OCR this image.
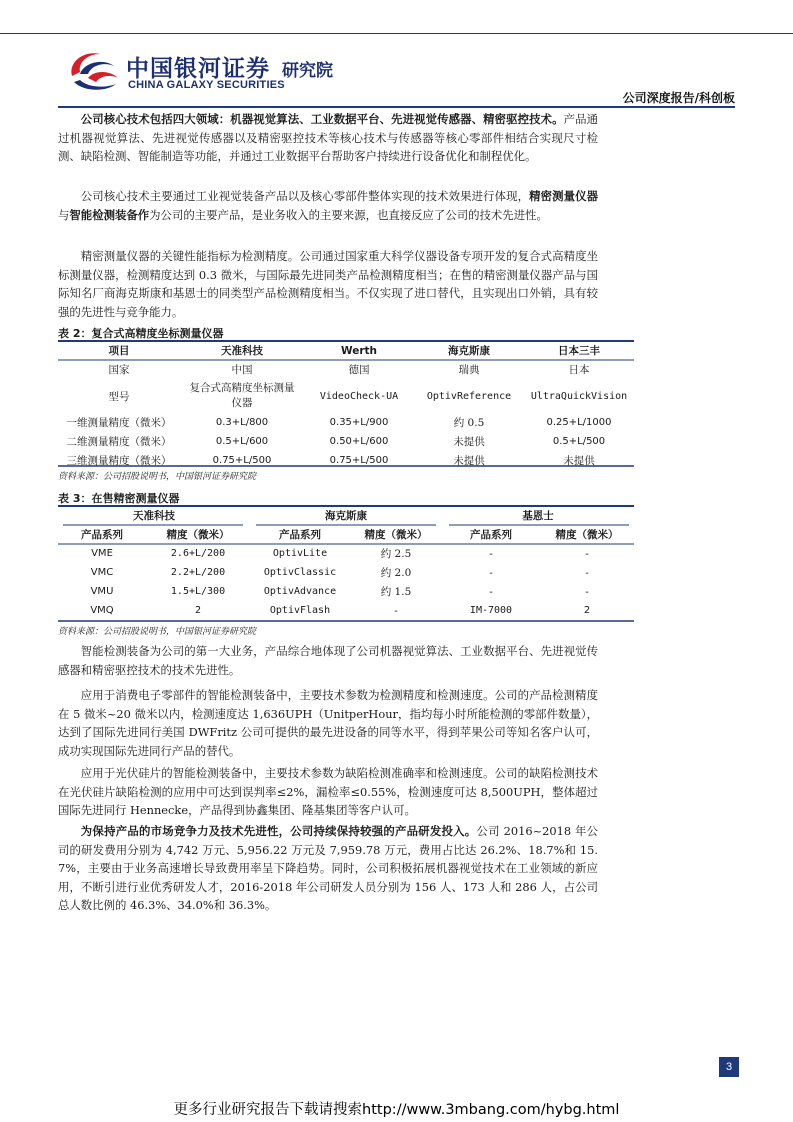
中国银河证券 研究院
CHINA GALAXY SECURITIES
公司深度报告/科创板
公司核心技术包括四大领域：机器视觉算法、工业数据平台、先进视觉传感器、精密驱控技术。产品通过机器视觉算法、先进视觉传感器以及精密驱控技术等核心技术与传感器等核心零部件相结合实现尺寸检测、缺陷检测、智能制造等功能，并通过工业数据平台帮助客户持续进行设备优化和制程优化。
公司核心技术主要通过工业视觉装备产品以及核心零部件整体实现的技术效果进行体现，精密测量仪器与智能检测装备作为公司的主要产品，是业务收入的主要来源，也直接反应了公司的技术先进性。
精密测量仪器的关键性能指标为检测精度。公司通过国家重大科学仪器设备专项开发的复合式高精度坐标测量仪器，检测精度达到 0.3 微米，与国际最先进同类产品检测精度相当；在售的精密测量仪器产品与国际知名厂商海克斯康和基恩士的同类型产品检测精度相当。不仅实现了进口替代，且实现出口外销，具有较强的先进性与竞争能力。
表 2：复合式高精度坐标测量仪器
项目	天准科技	Werth	海克斯康	日本三丰
国家	中国	德国	瑞典	日本
型号	复合式高精度坐标测量仪器	VideoCheck-UA	OptivReference	UltraQuickVision
一维测量精度（微米）	0.3+L/800	0.35+L/900	约 0.5	0.25+L/1000
二维测量精度（微米）	0.5+L/600	0.50+L/600	未提供	0.5+L/500
三维测量精度（微米）	0.75+L/500	0.75+L/500	未提供	未提供
资料来源：公司招股说明书，中国银河证券研究院
表 3：在售精密测量仪器
天准科技		海克斯康		基恩士	
产品系列	精度（微米）	产品系列	精度（微米）	产品系列	精度（微米）
VME	2.6+L/200	OptivLite	约 2.5	-	-
VMC	2.2+L/200	OptivClassic	约 2.0	-	-
VMU	1.5+L/300	OptivAdvance	约 1.5	-	-
VMQ	2	OptivFlash	-	IM-7000	2
资料来源：公司招股说明书，中国银河证券研究院
智能检测装备为公司的第一大业务，产品综合地体现了公司机器视觉算法、工业数据平台、先进视觉传感器和精密驱控技术的技术先进性。
应用于消费电子零部件的智能检测装备中，主要技术参数为检测精度和检测速度。公司的产品检测精度在 5 微米~20 微米以内，检测速度达 1,636UPH（UnitperHour，指均每小时所能检测的零部件数量），达到了国际先进同行美国 DWFritz 公司可提供的最先进设备的同等水平，得到苹果公司等知名客户认可，成功实现国际先进同行产品的替代。
应用于光伏硅片的智能检测装备中，主要技术参数为缺陷检测准确率和检测速度。公司的缺陷检测技术在光伏硅片缺陷检测的应用中可达到误判率≤2%，漏检率≤0.55%，检测速度可达 8,500UPH，整体超过国际先进同行 Hennecke，产品得到协鑫集团、隆基集团等客户认可。
为保持产品的市场竞争力及技术先进性，公司持续保持较强的产品研发投入。公司 2016~2018 年公司的研发费用分别为 4,742 万元、5,956.22 万元及 7,959.78 万元，费用占比达 26.2%、18.7%和 15.7%，主要由于业务高速增长导致费用率呈下降趋势。同时，公司积极拓展机器视觉技术在工业领域的新应用，不断引进行业优秀研发人才，2016-2018 年公司研发人员分别为 156 人、173 人和 286 人，占公司总人数比例的 46.3%、34.0%和 36.3%。
3
更多行业研究报告下载请搜索http://www.3mbang.com/hybg.html
